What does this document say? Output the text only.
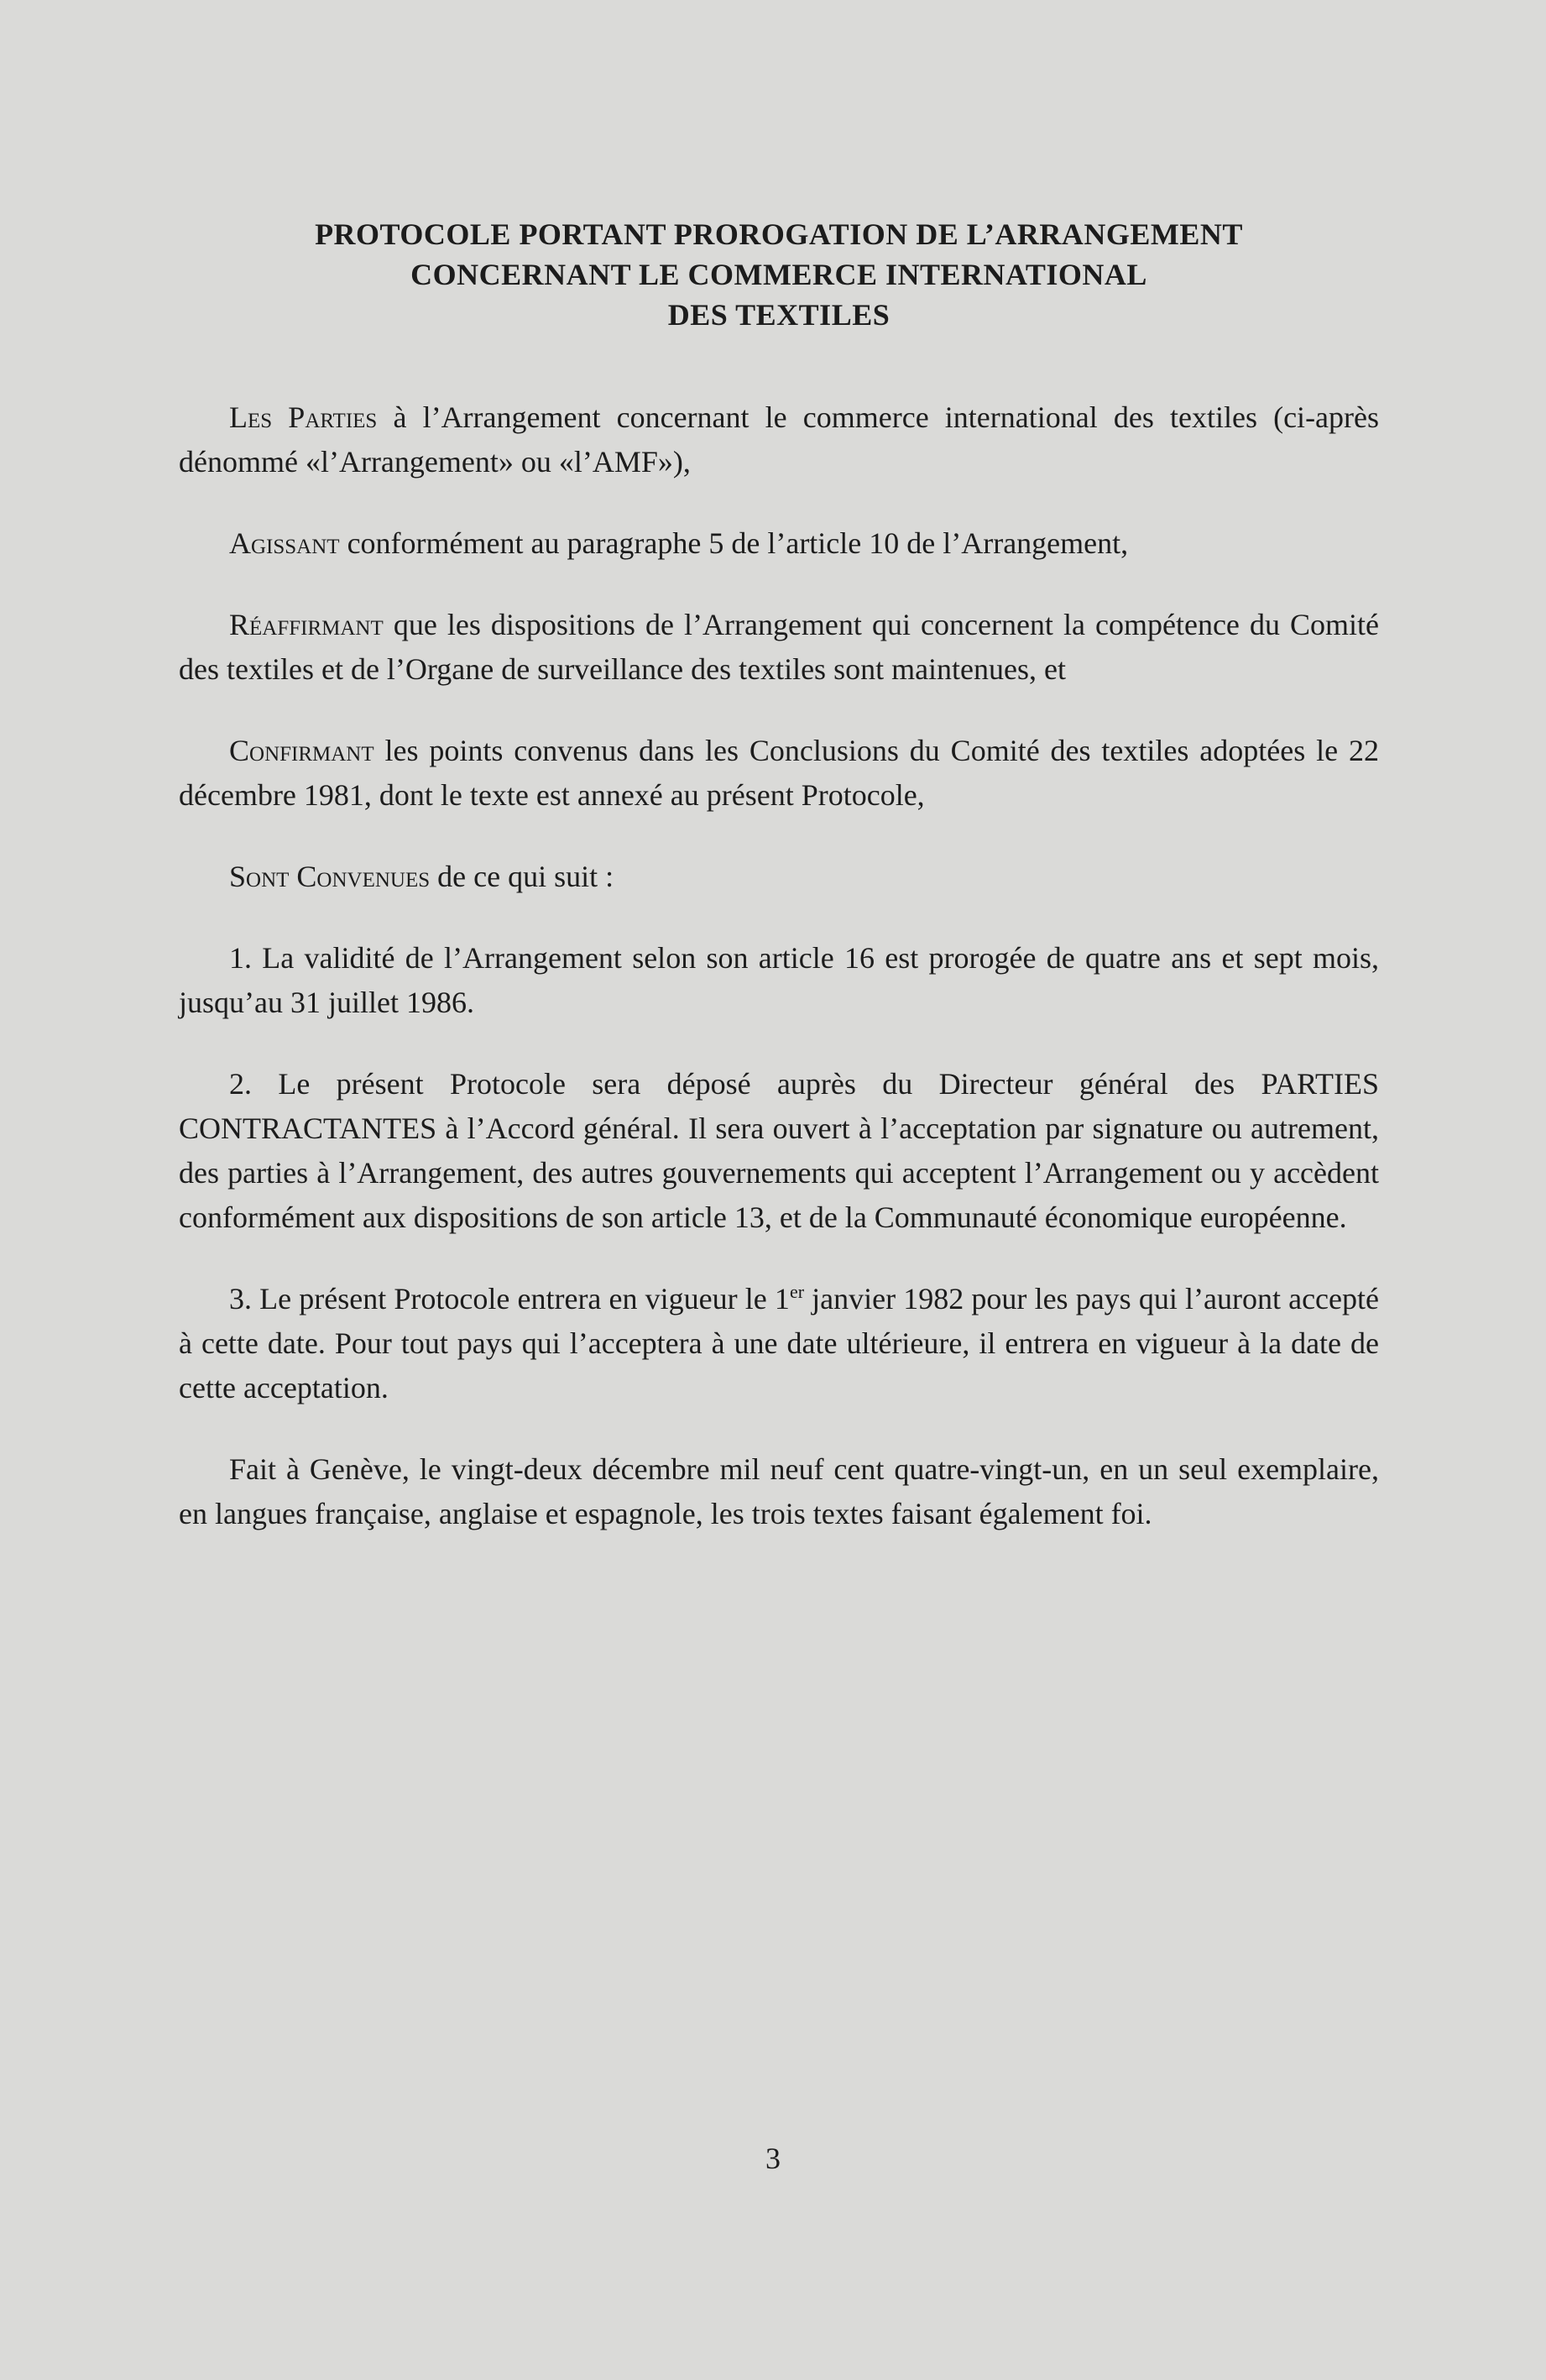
PROTOCOLE PORTANT PROROGATION DE L’ARRANGEMENT
CONCERNANT LE COMMERCE INTERNATIONAL
DES TEXTILES

Les Parties à l’Arrangement concernant le commerce international des textiles (ci-après dénommé «l’Arrangement» ou «l’AMF»),

Agissant conformément au paragraphe 5 de l’article 10 de l’Arrangement,

Réaffirmant que les dispositions de l’Arrangement qui concernent la compétence du Comité des textiles et de l’Organe de surveillance des textiles sont maintenues, et

Confirmant les points convenus dans les Conclusions du Comité des textiles adoptées le 22 décembre 1981, dont le texte est annexé au présent Protocole,

Sont Convenues de ce qui suit :

1. La validité de l’Arrangement selon son article 16 est prorogée de quatre ans et sept mois, jusqu’au 31 juillet 1986.

2. Le présent Protocole sera déposé auprès du Directeur général des PARTIES CONTRACTANTES à l’Accord général. Il sera ouvert à l’acceptation par signature ou autrement, des parties à l’Arrangement, des autres gouvernements qui acceptent l’Arrangement ou y accèdent conformément aux dispositions de son article 13, et de la Communauté économique européenne.

3. Le présent Protocole entrera en vigueur le 1er janvier 1982 pour les pays qui l’auront accepté à cette date. Pour tout pays qui l’acceptera à une date ultérieure, il entrera en vigueur à la date de cette acceptation.

Fait à Genève, le vingt-deux décembre mil neuf cent quatre-vingt-un, en un seul exemplaire, en langues française, anglaise et espagnole, les trois textes faisant également foi.

3
